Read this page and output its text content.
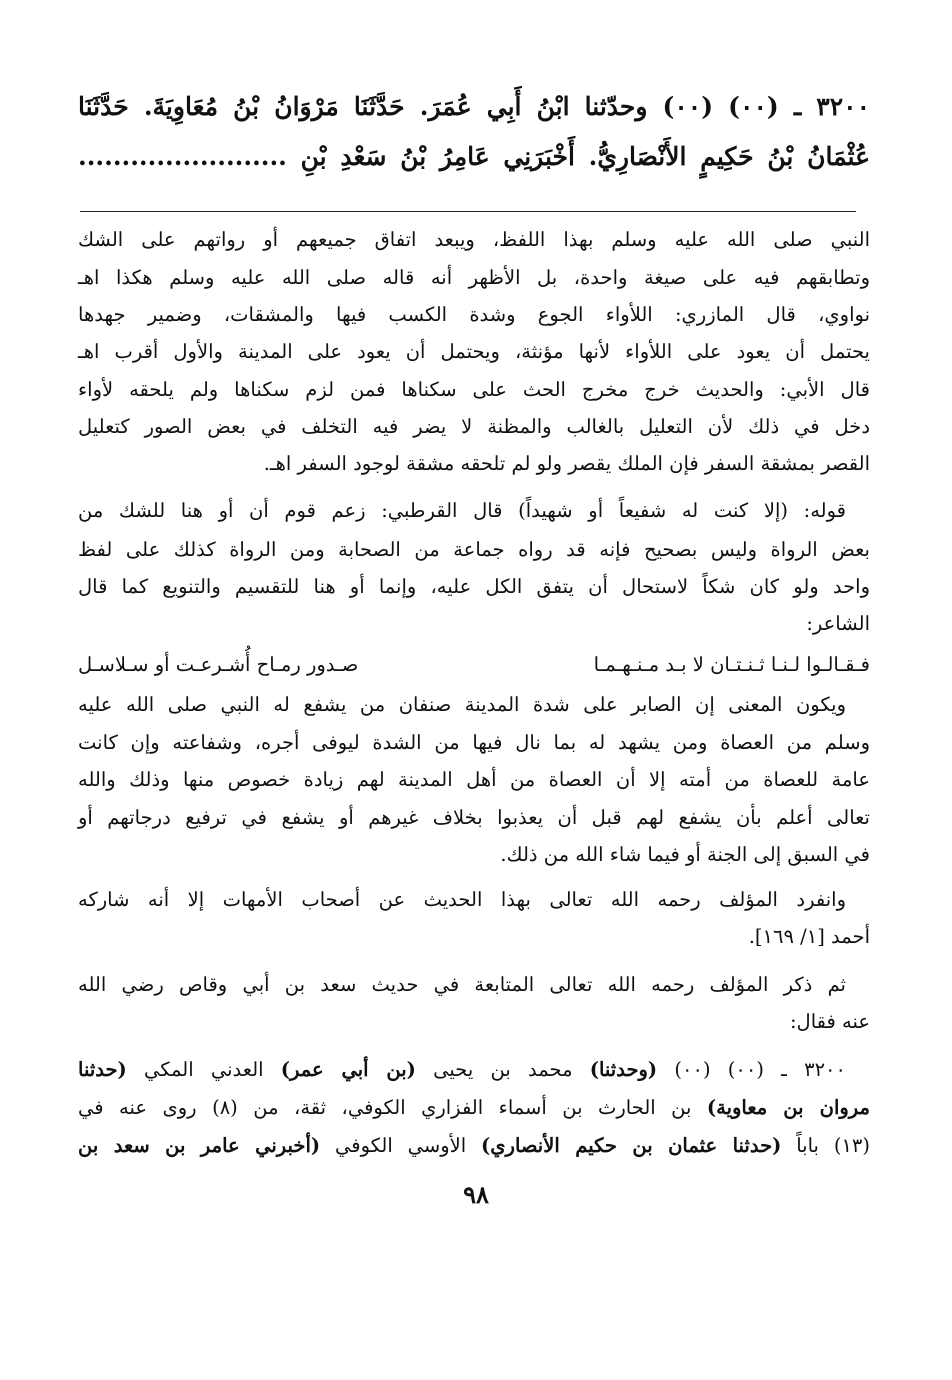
٣٢٠٠ ـ (٠٠) (٠٠) وحدّثنا ابْنُ أَبِي عُمَرَ. حَدَّثَنَا مَرْوَانُ بْنُ مُعَاوِيَةَ. حَدَّثَنَا
عُثْمَانُ بْنُ حَكِيمٍ الأَنْصَارِيُّ. أَخْبَرَنِي عَامِرُ بْنُ سَعْدِ بْنِ ........................
النبي صلى الله عليه وسلم بهذا اللفظ، ويبعد اتفاق جميعهم أو رواتهم على الشك
وتطابقهم فيه على صيغة واحدة، بل الأظهر أنه قاله صلى الله عليه وسلم هكذا اهـ
نواوي، قال المازري: اللأواء الجوع وشدة الكسب فيها والمشقات، وضمير جهدها
يحتمل أن يعود على اللأواء لأنها مؤنثة، ويحتمل أن يعود على المدينة والأول أقرب اهـ
قال الأبي: والحديث خرج مخرج الحث على سكناها فمن لزم سكناها ولم يلحقه لأواء
دخل في ذلك لأن التعليل بالغالب والمظنة لا يضر فيه التخلف في بعض الصور كتعليل
القصر بمشقة السفر فإن الملك يقصر ولو لم تلحقه مشقة لوجود السفر اهـ.
قوله: (إلا كنت له شفيعاً أو شهيداً) قال القرطبي: زعم قوم أن أو هنا للشك من
بعض الرواة وليس بصحيح فإنه قد رواه جماعة من الصحابة ومن الرواة كذلك على لفظ
واحد ولو كان شكاً لاستحال أن يتفق الكل عليه، وإنما أو هنا للتقسيم والتنويع كما قال
الشاعر:
ويكون المعنى إن الصابر على شدة المدينة صنفان من يشفع له النبي صلى الله عليه
وسلم من العصاة ومن يشهد له بما نال فيها من الشدة ليوفى أجره، وشفاعته وإن كانت
عامة للعصاة من أمته إلا أن العصاة من أهل المدينة لهم زيادة خصوص منها وذلك والله
تعالى أعلم بأن يشفع لهم قبل أن يعذبوا بخلاف غيرهم أو يشفع في ترفيع درجاتهم أو
في السبق إلى الجنة أو فيما شاء الله من ذلك.
وانفرد المؤلف رحمه الله تعالى بهذا الحديث عن أصحاب الأمهات إلا أنه شاركه
أحمد [١/ ١٦٩].
ثم ذكر المؤلف رحمه الله تعالى المتابعة في حديث سعد بن أبي وقاص رضي الله
عنه فقال:
فـقـالـوا لـنـا ثـنـتـان لا بـد مـنـهـمـا
صـدور رمـاح أُشـرعـت أو سـلاسـل
٣٢٠٠ ـ (٠٠) (٠٠) (وحدثنا) محمد بن يحيى (بن أبي عمر) العدني المكي (حدثنا
مروان بن معاوية) بن الحارث بن أسماء الفزاري الكوفي، ثقة، من (٨) روى عنه في
(١٣) باباً (حدثنا عثمان بن حكيم الأنصاري) الأوسي الكوفي (أخبرني عامر بن سعد بن
٩٨
